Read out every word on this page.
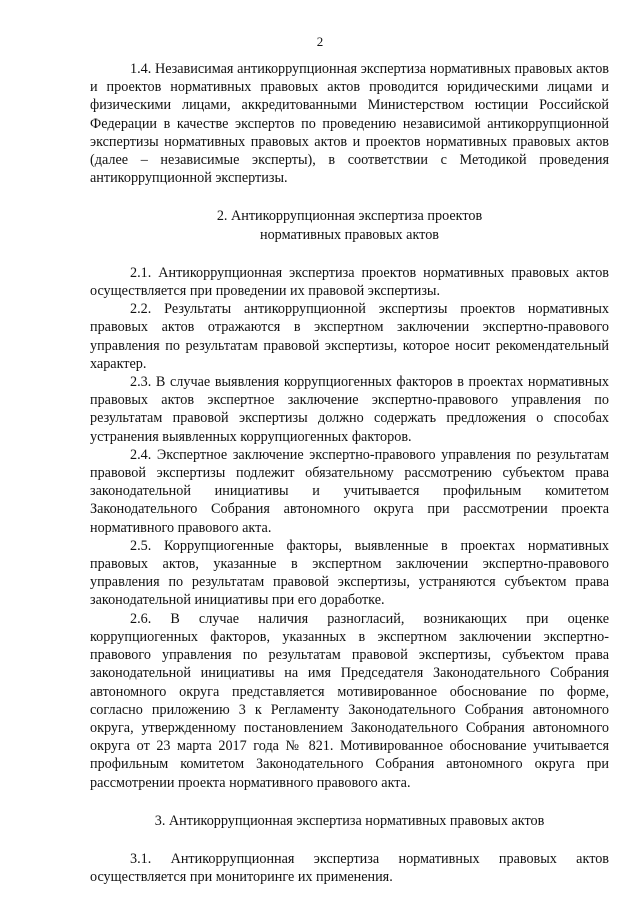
2

1.4. Независимая антикоррупционная экспертиза нормативных правовых актов и проектов нормативных правовых актов проводится юридическими лицами и физическими лицами, аккредитованными Министерством юстиции Российской Федерации в качестве экспертов по проведению независимой антикоррупционной экспертизы нормативных правовых актов и проектов нормативных правовых актов (далее – независимые эксперты), в соответствии с Методикой проведения антикоррупционной экспертизы.

2. Антикоррупционная экспертиза проектов
нормативных правовых актов

2.1. Антикоррупционная экспертиза проектов нормативных правовых актов осуществляется при проведении их правовой экспертизы.

2.2. Результаты антикоррупционной экспертизы проектов нормативных правовых актов отражаются в экспертном заключении экспертно-правового управления по результатам правовой экспертизы, которое носит рекомендательный характер.

2.3. В случае выявления коррупциогенных факторов в проектах нормативных правовых актов экспертное заключение экспертно-правового управления по результатам правовой экспертизы должно содержать предложения о способах устранения выявленных коррупциогенных факторов.

2.4. Экспертное заключение экспертно-правового управления по результатам правовой экспертизы подлежит обязательному рассмотрению субъектом права законодательной инициативы и учитывается профильным комитетом Законодательного Собрания автономного округа при рассмотрении проекта нормативного правового акта.

2.5. Коррупциогенные факторы, выявленные в проектах нормативных правовых актов, указанные в экспертном заключении экспертно-правового управления по результатам правовой экспертизы, устраняются субъектом права законодательной инициативы при его доработке.

2.6. В случае наличия разногласий, возникающих при оценке коррупциогенных факторов, указанных в экспертном заключении экспертно-правового управления по результатам правовой экспертизы, субъектом права законодательной инициативы на имя Председателя Законодательного Собрания автономного округа представляется мотивированное обоснование по форме, согласно приложению 3 к Регламенту Законодательного Собрания автономного округа, утвержденному постановлением Законодательного Собрания автономного округа от 23 марта 2017 года № 821. Мотивированное обоснование учитывается профильным комитетом Законодательного Собрания автономного округа при рассмотрении проекта нормативного правового акта.

3. Антикоррупционная экспертиза нормативных правовых актов

3.1. Антикоррупционная экспертиза нормативных правовых актов осуществляется при мониторинге их применения.
